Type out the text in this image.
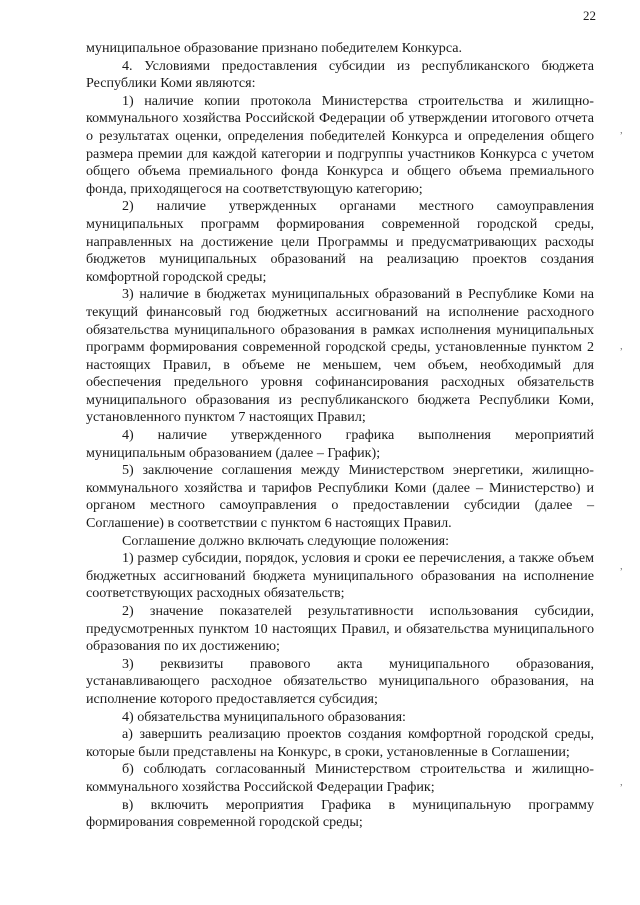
22

муниципальное образование признано победителем Конкурса.

4. Условиями предоставления субсидии из республиканского бюджета Республики Коми являются:

1) наличие копии протокола Министерства строительства и жилищно-коммунального хозяйства Российской Федерации об утверждении итогового отчета о результатах оценки, определения победителей Конкурса и определения общего размера премии для каждой категории и подгруппы участников Конкурса с учетом общего объема премиального фонда Конкурса и общего объема премиального фонда, приходящегося на соответствующую категорию;

2) наличие утвержденных органами местного самоуправления муниципальных программ формирования современной городской среды, направленных на достижение цели Программы и предусматривающих расходы бюджетов муниципальных образований на реализацию проектов создания комфортной городской среды;

3) наличие в бюджетах муниципальных образований в Республике Коми на текущий финансовый год бюджетных ассигнований на исполнение расходного обязательства муниципального образования в рамках исполнения муниципальных программ формирования современной городской среды, установленные пунктом 2 настоящих Правил, в объеме не меньшем, чем объем, необходимый для обеспечения предельного уровня софинансирования расходных обязательств муниципального образования из республиканского бюджета Республики Коми, установленного пунктом 7 настоящих Правил;

4) наличие утвержденного графика выполнения мероприятий муниципальным образованием (далее – График);

5) заключение соглашения между Министерством энергетики, жилищно-коммунального хозяйства и тарифов Республики Коми (далее – Министерство) и органом местного самоуправления о предоставлении субсидии (далее – Соглашение) в соответствии с пунктом 6 настоящих Правил.

Соглашение должно включать следующие положения:

1) размер субсидии, порядок, условия и сроки ее перечисления, а также объем бюджетных ассигнований бюджета муниципального образования на исполнение соответствующих расходных обязательств;

2) значение показателей результативности использования субсидии, предусмотренных пунктом 10 настоящих Правил, и обязательства муниципального образования по их достижению;

3) реквизиты правового акта муниципального образования, устанавливающего расходное обязательство муниципального образования, на исполнение которого предоставляется субсидия;

4) обязательства муниципального образования:

а) завершить реализацию проектов создания комфортной городской среды, которые были представлены на Конкурс, в сроки, установленные в Соглашении;

б) соблюдать согласованный Министерством строительства и жилищно-коммунального хозяйства Российской Федерации График;

в) включить мероприятия Графика в муниципальную программу формирования современной городской среды;

,
,
,
,
